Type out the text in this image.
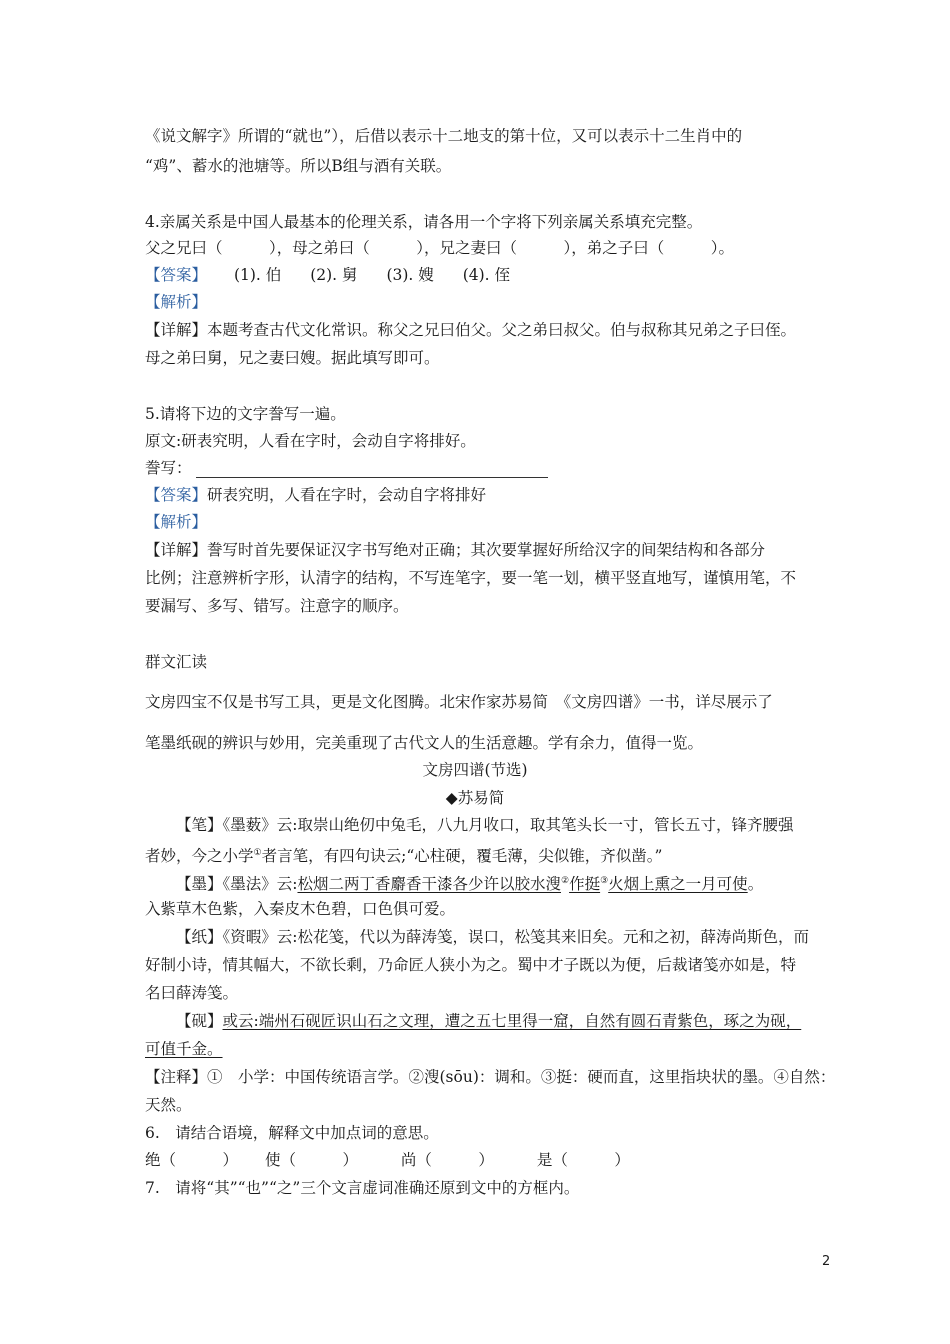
《说文解字》所谓的“就也”），后借以表示十二地支的第十位，又可以表示十二生肖中的
“鸡”、蓄水的池塘等。所以B组与酒有关联。
4.亲属关系是中国人最基本的伦理关系，请各用一个字将下列亲属关系填充完整。
父之兄曰（　　　），母之弟曰（　　　），兄之妻曰（　　　），弟之子曰（　　　）。
【答案】 (1). 伯 (2). 舅 (3). 嫂 (4). 侄
【解析】
【详解】本题考查古代文化常识。称父之兄曰伯父。父之弟曰叔父。伯与叔称其兄弟之子曰侄。
母之弟曰舅，兄之妻曰嫂。据此填写即可。
5.请将下边的文字誊写一遍。
原文:研表究明，人看在字时，会动自字将排好。
誊写：
【答案】研表究明，人看在字时，会动自字将排好
【解析】
【详解】誊写时首先要保证汉字书写绝对正确；其次要掌握好所给汉字的间架结构和各部分
比例；注意辨析字形，认清字的结构，不写连笔字，要一笔一划，横平竖直地写，谨慎用笔，不
要漏写、多写、错写。注意字的顺序。
群文汇读
文房四宝不仅是书写工具，更是文化图腾。北宋作家苏易简　《文房四谱》一书，详尽展示了
笔墨纸砚的辨识与妙用，完美重现了古代文人的生活意趣。学有余力，值得一览。
文房四谱(节选)
◆苏易简
【笔】《墨薮》云:取崇山绝仞中兔毛，八九月收口，取其笔头长一寸，管长五寸，锋齐腰强
者妙，今之小学①者言笔，有四句诀云;“心柱硬，覆毛薄，尖似锥，齐似凿。”
【墨】《墨法》云:松烟二两丁香麝香干漆各少许以胶水溲②作挺③火烟上熏之一月可使。
入紫草木色紫，入秦皮木色碧，口色俱可爱。
【纸】《资暇》云:松花笺，代以为薛涛笺，误口，松笺其来旧矣。元和之初，薛涛尚斯色，而
好制小诗，情其幅大，不欲长剩，乃命匠人狭小为之。蜀中才子既以为便，后裁诸笺亦如是，特
名曰薛涛笺。
【砚】或云:端州石砚匠识山石之文理，遭之五七里得一窟，自然有圆石青紫色，琢之为砚，
可值千金。
【注释】①　小学：中国传统语言学。②溲(sōu)：调和。③挺：硬而直，这里指块状的墨。④自然：
天然。
6.　请结合语境，解释文中加点词的意思。
绝（　　　） 使（　　　）	尚（　　　）	是（　　　）
7.　请将“其”“也”“之”三个文言虚词准确还原到文中的方框内。
2
